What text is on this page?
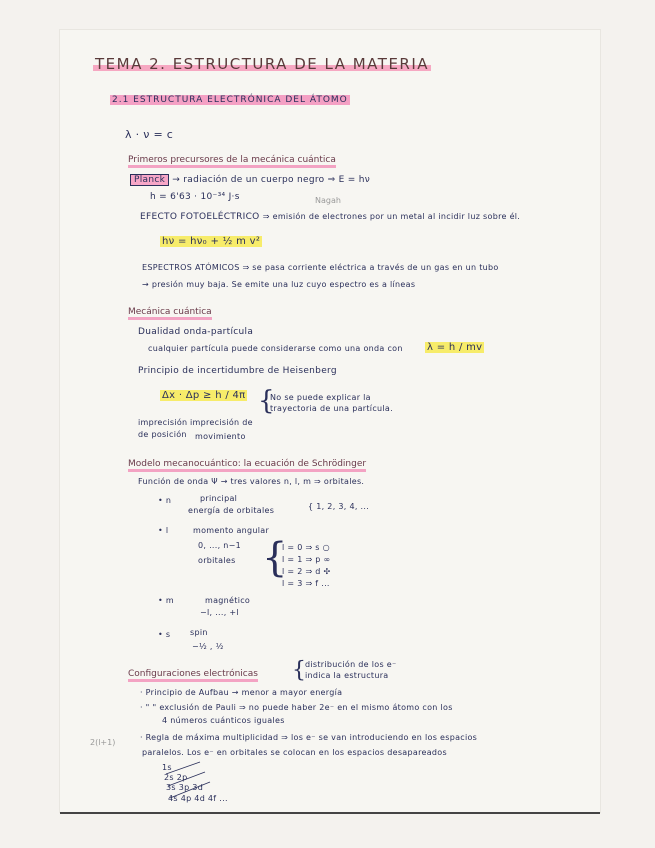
TEMA 2. ESTRUCTURA DE LA MATERIA
2.1 ESTRUCTURA ELECTRÓNICA DEL ÁTOMO
λ · ν = c
Primeros precursores de la mecánica cuántica
Planck → radiación de un cuerpo negro ⇒ E = hν
h = 6'63 · 10⁻³⁴ J·s	Nagah
EFECTO FOTOELÉCTRICO ⇒ emisión de electrones por un metal al incidir luz sobre él.
hν = hν₀ + ½ m v²
ESPECTROS ATÓMICOS ⇒ se pasa corriente eléctrica a través de un gas en un tubo
→ presión muy baja. Se emite una luz cuyo espectro es a líneas
Mecánica cuántica
Dualidad onda-partícula
cualquier partícula puede considerarse como una onda con λ = h / mv
Principio de incertidumbre de Heisenberg
Δx · Δp ≥ h / 4π {
No se puede explicar la
trayectoria de una partícula.
imprecisión
de posición
imprecisión de
movimiento
Modelo mecanocuántico: la ecuación de Schrödinger
Función de onda Ψ → tres valores n, l, m ⇒ orbitales.
• n	principal
energía de orbitales	{ 1, 2, 3, 4, ...
• l	momento angular
0, ..., n−1
orbitales {
l = 0 ⇒ s ○
l = 1 ⇒ p ∞
l = 2 ⇒ d ✣
l = 3 ⇒ f ...
• m	magnético
−l, ..., +l
• s spin
−½ , ½
Configuraciones electrónicas { distribución de los e⁻
indica la estructura
· Principio de Aufbau → menor a mayor energía
· " " exclusión de Pauli ⇒ no puede haber 2e⁻ en el mismo átomo con los
4 números cuánticos iguales
2(l+1)
· Regla de máxima multiplicidad ⇒ los e⁻ se van introduciendo en los espacios
paralelos. Los e⁻ en orbitales se colocan en los espacios desapareados
1s
2s 2p
3s 3p 3d
4s 4p 4d 4f ...
